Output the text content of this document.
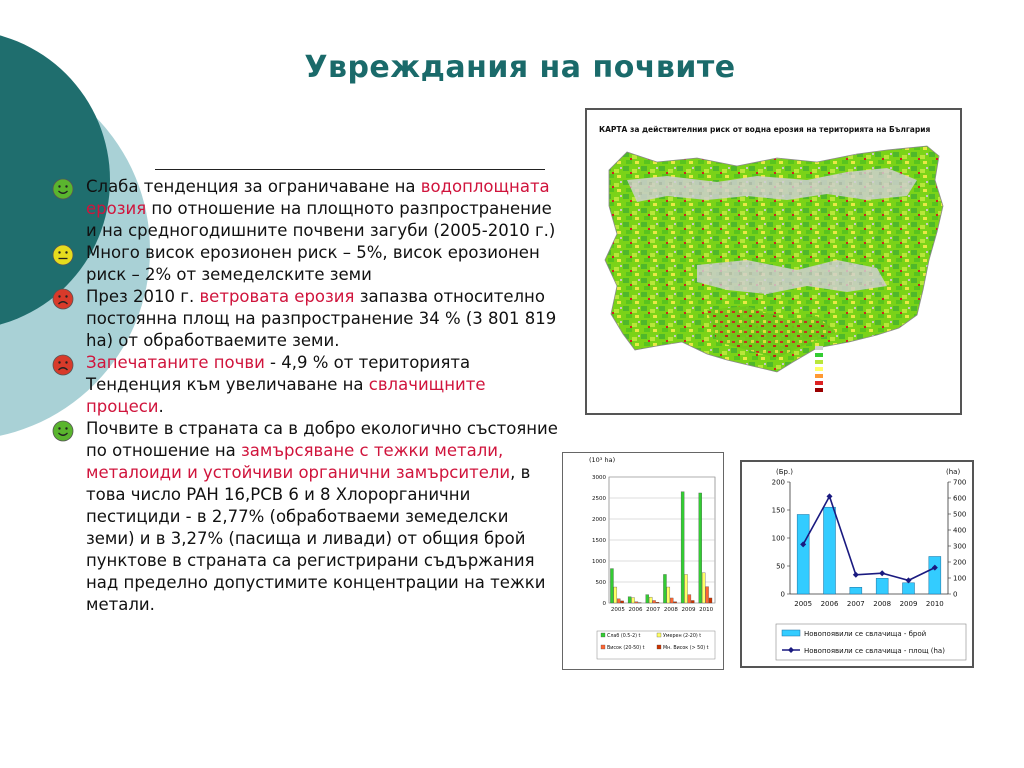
Увреждания на почвите
Слаба тенденция за ограничаване на водоплощната ерозия по отношение на площното разпространение и на средногодишните почвени загуби (2005-2010 г.)
Много висок ерозионен риск – 5%, висок ерозионен риск – 2% от земеделските земи
През 2010 г. ветровата ерозия запазва относително постоянна площ на разпространение 34 % (3 801 819 ha) от обработваемите земи.
Запечатаните почви - 4,9 % от територията Тенденция към увеличаване на свлачищните процеси.
Почвите в страната са в добро екологично състояние по отношение на замърсяване с тежки метали, металоиди и устойчиви органични замърсители, в това число PAH 16,PCB 6 и 8 Хлорорганични пестициди - в 2,77% (обработваеми земеделски земи) и в 3,27% (пасища и ливади) от общия брой пунктове в страната са регистрирани съдържания над пределно допустимите концентрации на тежки метали.
КАРТА за действителния риск от водна ерозия на територията на България
(10³ ha)
0
500
1000
1500
2000
2500
3000
2005 2006 2007 2008 2009 2010
Слаб (0.5-2) t	Умерен (2-20) t
Висок (20-50) t	Мн. Висок (> 50) t
(Бр.)	(ha)
0
50
100
150
200
0
100
200
300
400
500
600
700
2005 2006 2007 2008 2009 2010
Новопоявили се свлачища - брой
Новопоявили се свлачища - площ (ha)
